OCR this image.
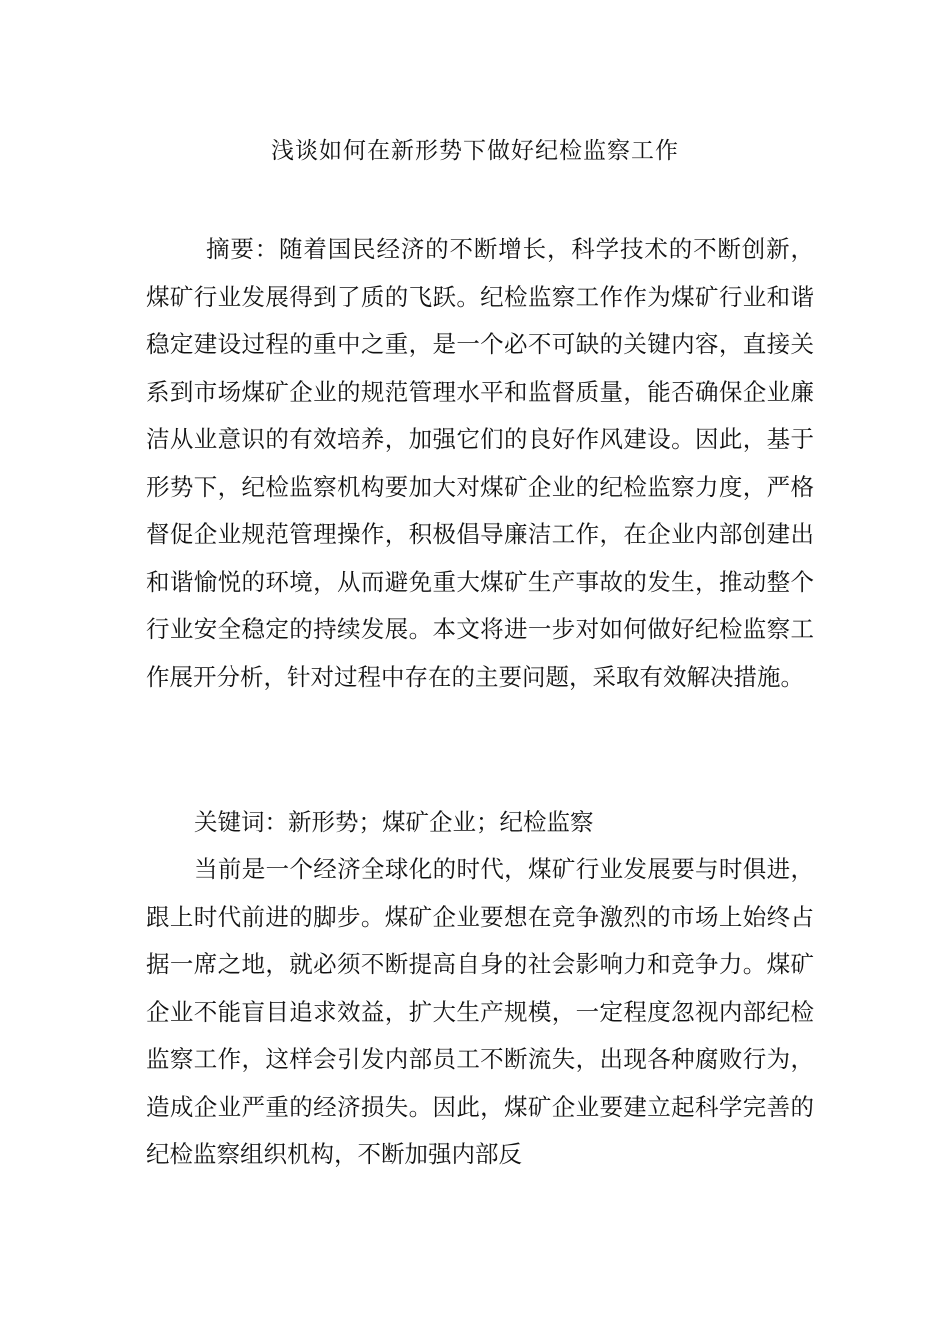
浅谈如何在新形势下做好纪检监察工作

摘要：随着国民经济的不断增长，科学技术的不断创新，煤矿行业发展得到了质的飞跃。纪检监察工作作为煤矿行业和谐稳定建设过程的重中之重，是一个必不可缺的关键内容，直接关系到市场煤矿企业的规范管理水平和监督质量，能否确保企业廉洁从业意识的有效培养，加强它们的良好作风建设。因此，基于形势下，纪检监察机构要加大对煤矿企业的纪检监察力度，严格督促企业规范管理操作，积极倡导廉洁工作，在企业内部创建出和谐愉悦的环境，从而避免重大煤矿生产事故的发生，推动整个行业安全稳定的持续发展。本文将进一步对如何做好纪检监察工作展开分析，针对过程中存在的主要问题，采取有效解决措施。

关键词：新形势；煤矿企业；纪检监察

当前是一个经济全球化的时代，煤矿行业发展要与时俱进，跟上时代前进的脚步。煤矿企业要想在竞争激烈的市场上始终占据一席之地，就必须不断提高自身的社会影响力和竞争力。煤矿企业不能盲目追求效益，扩大生产规模，一定程度忽视内部纪检监察工作，这样会引发内部员工不断流失，出现各种腐败行为，造成企业严重的经济损失。因此，煤矿企业要建立起科学完善的纪检监察组织机构，不断加强内部反
